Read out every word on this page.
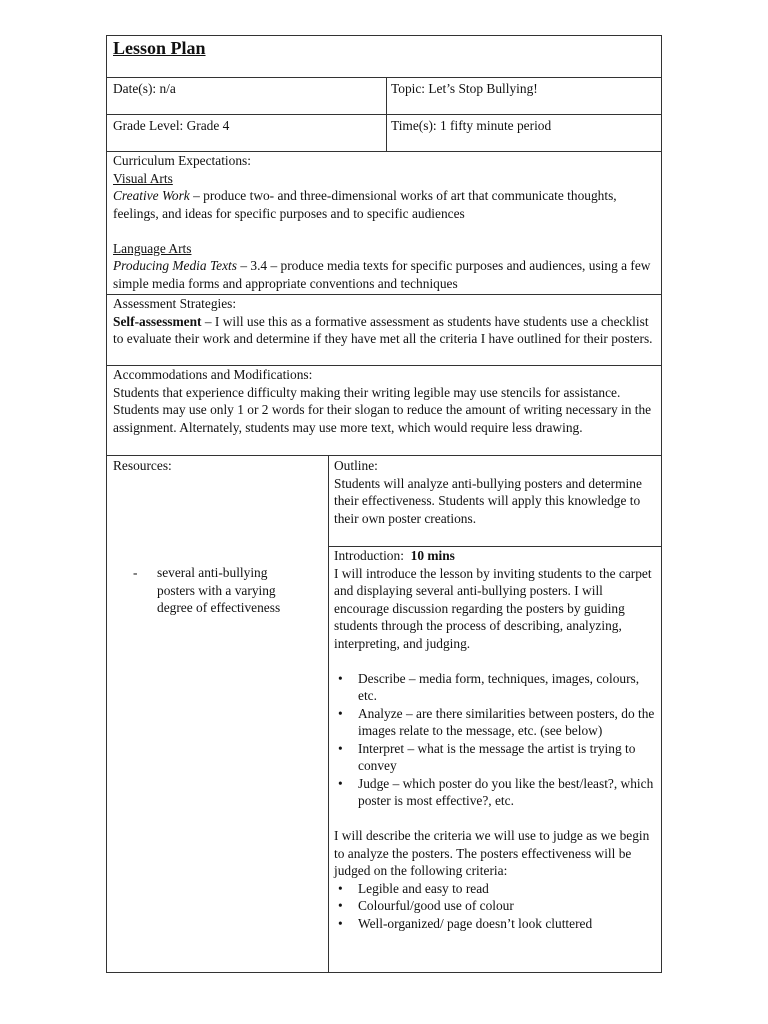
Lesson Plan
Date(s): n/a	Topic: Let’s Stop Bullying!
Grade Level: Grade 4	Time(s): 1 fifty minute period

Curriculum Expectations:

Visual Arts

Creative Work – produce two- and three-dimensional works of art that communicate thoughts, feelings, and ideas for specific purposes and to specific audiences

Language Arts

Producing Media Texts – 3.4 – produce media texts for specific purposes and audiences, using a few simple media forms and appropriate conventions and techniques

Assessment Strategies:

Self-assessment – I will use this as a formative assessment as students have students use a checklist to evaluate their work and determine if they have met all the criteria I have outlined for their posters.

Accommodations and Modifications:

Students that experience difficulty making their writing legible may use stencils for assistance. Students may use only 1 or 2 words for their slogan to reduce the amount of writing necessary in the assignment. Alternately, students may use more text, which would require less drawing.

Resources:

- several anti-bullying posters with a varying degree of effectiveness

Outline:

Students will analyze anti-bullying posters and determine their effectiveness. Students will apply this knowledge to their own poster creations.

Introduction: 10 mins

I will introduce the lesson by inviting students to the carpet and displaying several anti-bullying posters. I will encourage discussion regarding the posters by guiding students through the process of describing, analyzing, interpreting, and judging.

• Describe – media form, techniques, images, colours, etc.
• Analyze – are there similarities between posters, do the images relate to the message, etc. (see below)
• Interpret – what is the message the artist is trying to convey
• Judge – which poster do you like the best/least?, which poster is most effective?, etc.

I will describe the criteria we will use to judge as we begin to analyze the posters. The posters effectiveness will be judged on the following criteria:

• Legible and easy to read
• Colourful/good use of colour
• Well-organized/ page doesn’t look cluttered
